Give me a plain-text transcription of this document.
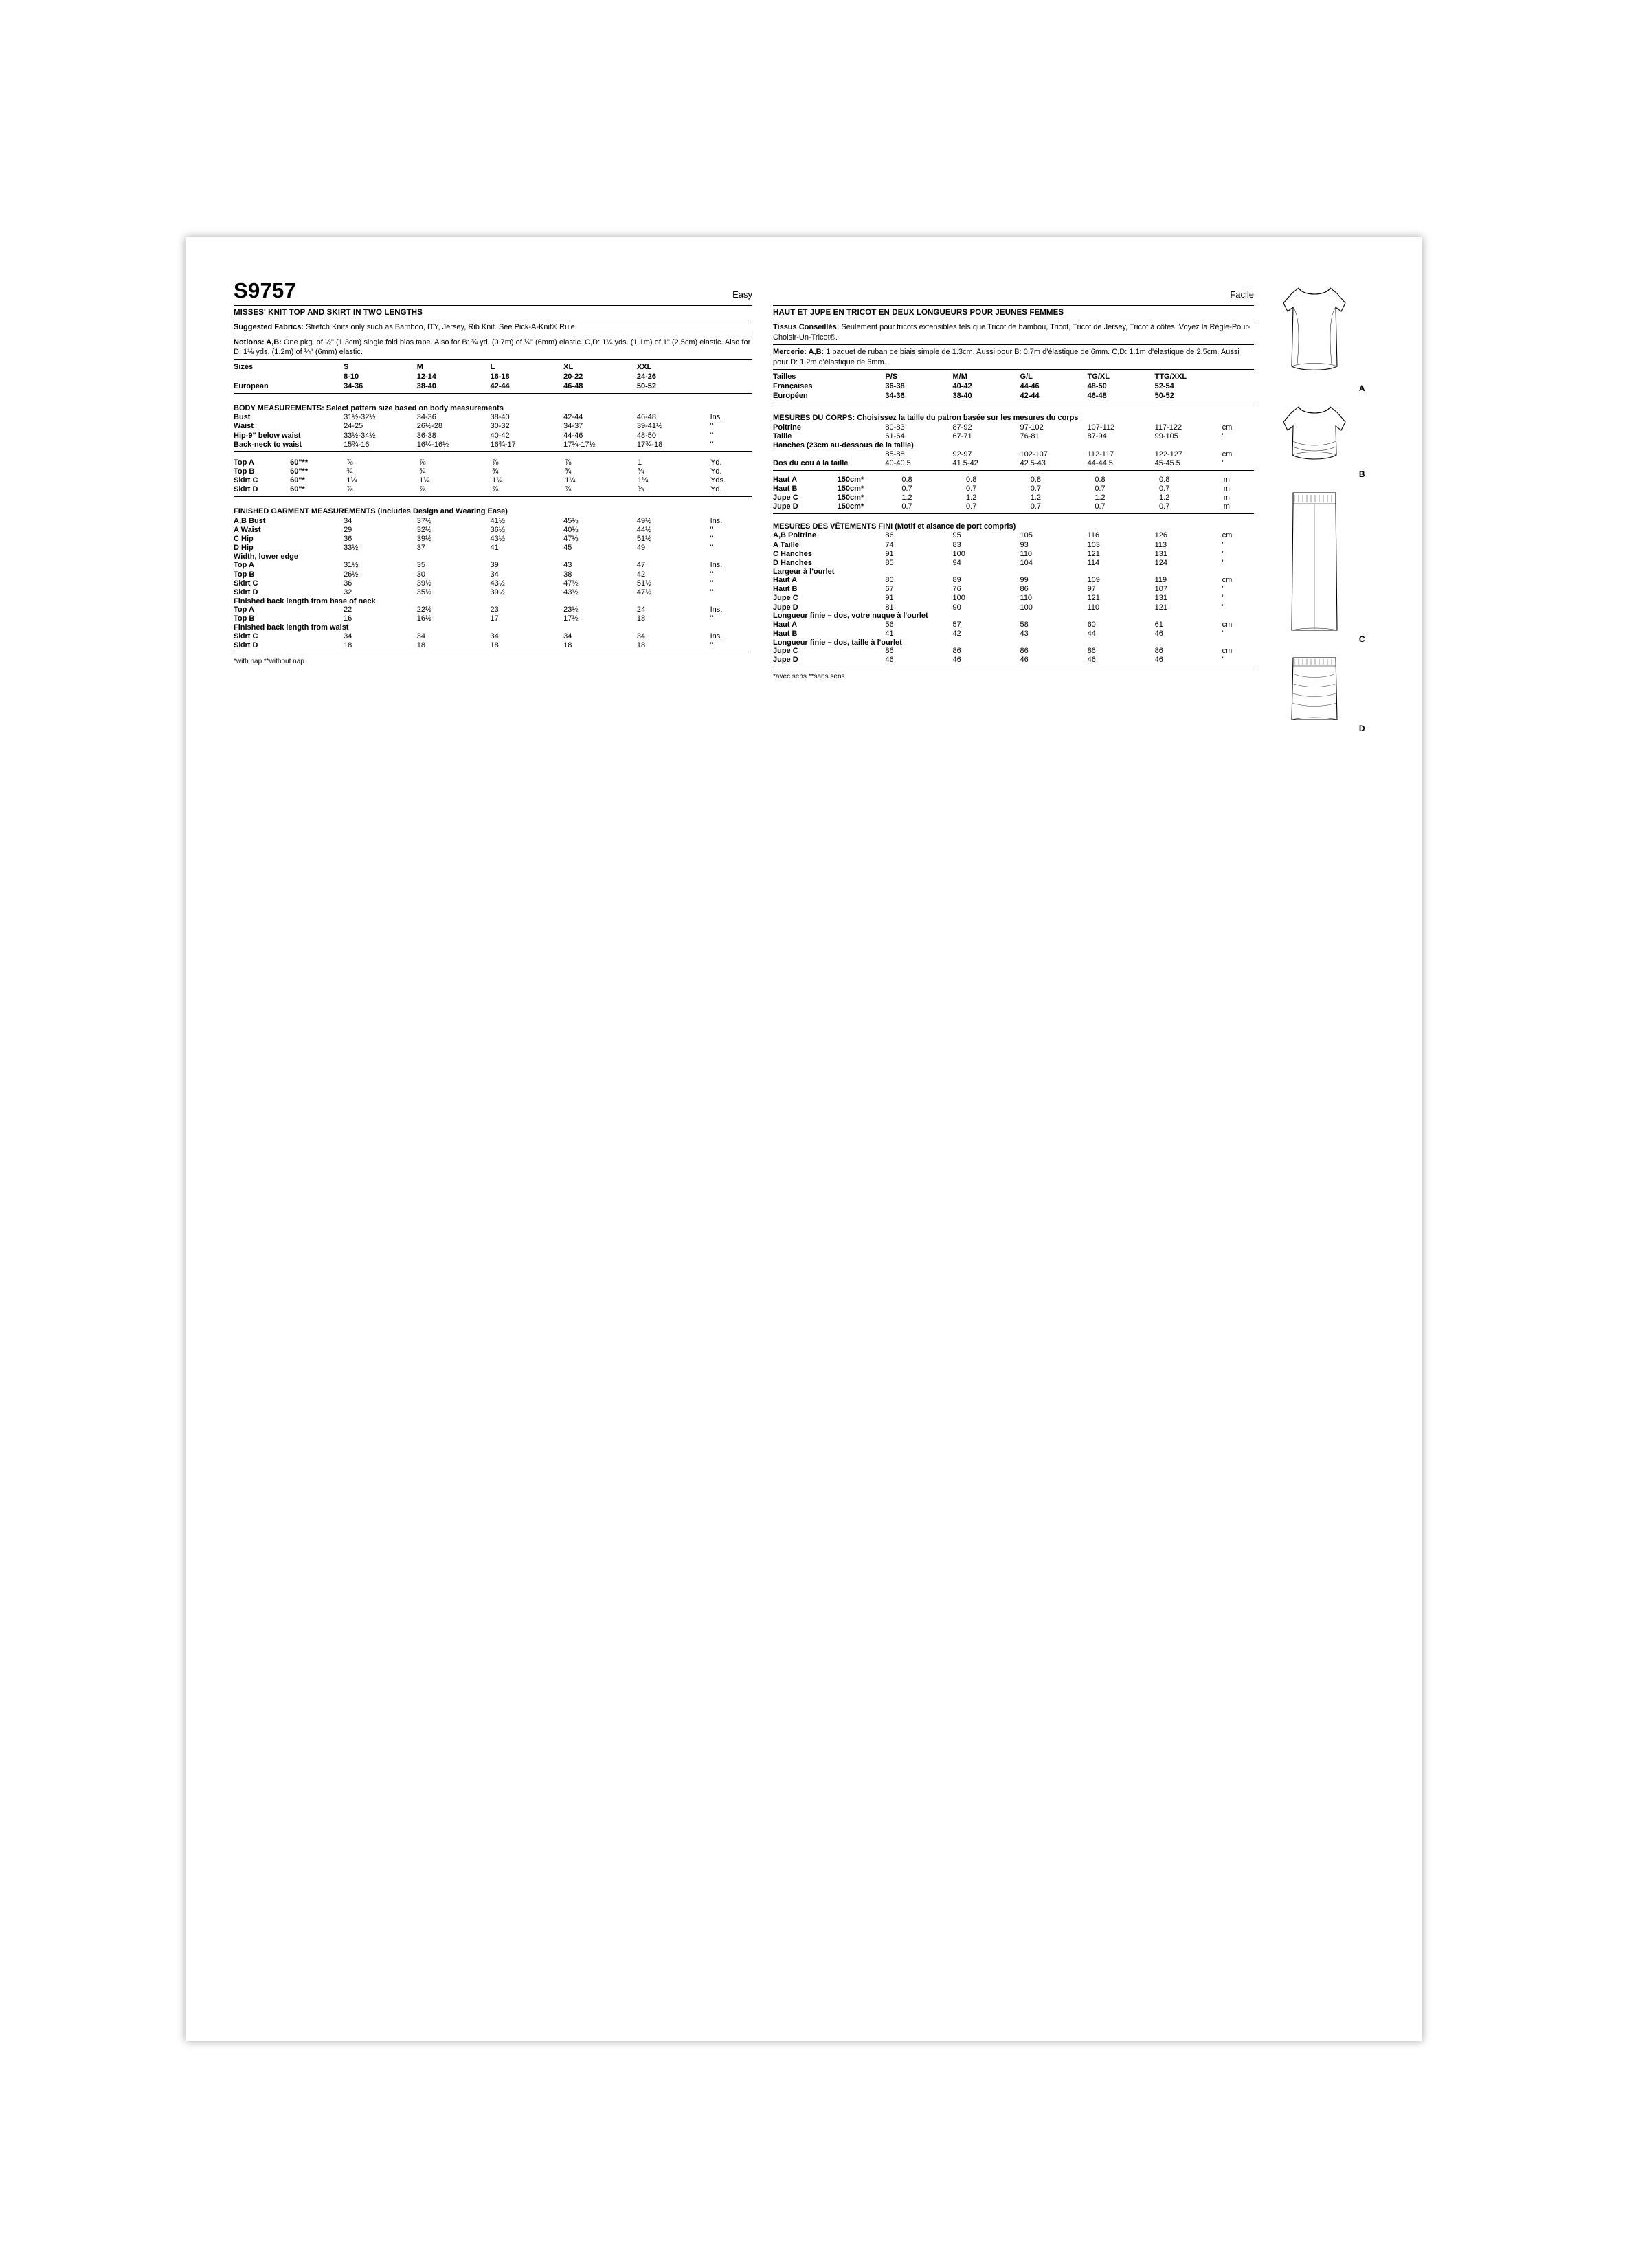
S9757	Easy
MISSES' KNIT TOP AND SKIRT IN TWO LENGTHS
Suggested Fabrics: Stretch Knits only such as Bamboo, ITY, Jersey, Rib Knit. See Pick-A-Knit® Rule.
Notions: A,B: One pkg. of ½" (1.3cm) single fold bias tape. Also for B: ¾ yd. (0.7m) of ¼" (6mm) elastic. C,D: 1¼ yds. (1.1m) of 1" (2.5cm) elastic. Also for D: 1⅛ yds. (1.2m) of ¼" (6mm) elastic.
Sizes	S	M	L	XL	XXL	
	8-10	12-14	16-18	20-22	24-26	
European	34-36	38-40	42-44	46-48	50-52	
BODY MEASUREMENTS: Select pattern size based on body measurements
Bust	31½-32½	34-36	38-40	42-44	46-48	Ins.
Waist	24-25	26½-28	30-32	34-37	39-41½	"
Hip-9" below waist	33½-34½	36-38	40-42	44-46	48-50	"
Back-neck to waist	15¾-16	16¼-16½	16¾-17	17¼-17½	17¾-18	"
Top A	60"**	⅞	⅞	⅞	⅞	1	Yd.
Top B	60"**	¾	¾	¾	¾	¾	Yd.
Skirt C	60"*	1¼	1¼	1¼	1¼	1¼	Yds.
Skirt D	60"*	⅞	⅞	⅞	⅞	⅞	Yd.
FINISHED GARMENT MEASUREMENTS (Includes Design and Wearing Ease)
A,B Bust	34	37½	41½	45½	49½	Ins.
A Waist	29	32½	36½	40½	44½	"
C Hip	36	39½	43½	47½	51½	"
D Hip	33½	37	41	45	49	"
Width, lower edge
Top A	31½	35	39	43	47	Ins.
Top B	26½	30	34	38	42	"
Skirt C	36	39½	43½	47½	51½	"
Skirt D	32	35½	39½	43½	47½	"
Finished back length from base of neck
Top A	22	22½	23	23½	24	Ins.
Top B	16	16½	17	17½	18	"
Finished back length from waist
Skirt C	34	34	34	34	34	Ins.
Skirt D	18	18	18	18	18	"
*with nap **without nap
Facile
HAUT ET JUPE EN TRICOT EN DEUX LONGUEURS POUR JEUNES FEMMES
Tissus Conseillés: Seulement pour tricots extensibles tels que Tricot de bambou, Tricot, Tricot de Jersey, Tricot à côtes. Voyez la Règle-Pour-Choisir-Un-Tricot®.
Mercerie: A,B: 1 paquet de ruban de biais simple de 1.3cm. Aussi pour B: 0.7m d'élastique de 6mm. C,D: 1.1m d'élastique de 2.5cm. Aussi pour D: 1.2m d'élastique de 6mm.
Tailles	P/S	M/M	G/L	TG/XL	TTG/XXL	
Françaises	36-38	40-42	44-46	48-50	52-54	
Européen	34-36	38-40	42-44	46-48	50-52	
MESURES DU CORPS: Choisissez la taille du patron basée sur les mesures du corps
Poitrine	80-83	87-92	97-102	107-112	117-122	cm
Taille	61-64	67-71	76-81	87-94	99-105	"
Hanches (23cm au-dessous de la taille)						
	85-88	92-97	102-107	112-117	122-127	cm
Dos du cou à la taille	40-40.5	41.5-42	42.5-43	44-44.5	45-45.5	"
Haut A	150cm*	0.8	0.8	0.8	0.8	0.8	m
Haut B	150cm*	0.7	0.7	0.7	0.7	0.7	m
Jupe C	150cm*	1.2	1.2	1.2	1.2	1.2	m
Jupe D	150cm*	0.7	0.7	0.7	0.7	0.7	m
MESURES DES VÊTEMENTS FINI (Motif et aisance de port compris)
A,B Poitrine	86	95	105	116	126	cm
A Taille	74	83	93	103	113	"
C Hanches	91	100	110	121	131	"
D Hanches	85	94	104	114	124	"
Largeur à l'ourlet
Haut A	80	89	99	109	119	cm
Haut B	67	76	86	97	107	"
Jupe C	91	100	110	121	131	"
Jupe D	81	90	100	110	121	"
Longueur finie – dos, votre nuque à l'ourlet
Haut A	56	57	58	60	61	cm
Haut B	41	42	43	44	46	"
Longueur finie – dos, taille à l'ourlet
Jupe C	86	86	86	86	86	cm
Jupe D	46	46	46	46	46	"
*avec sens **sans sens
A
B
C
D
